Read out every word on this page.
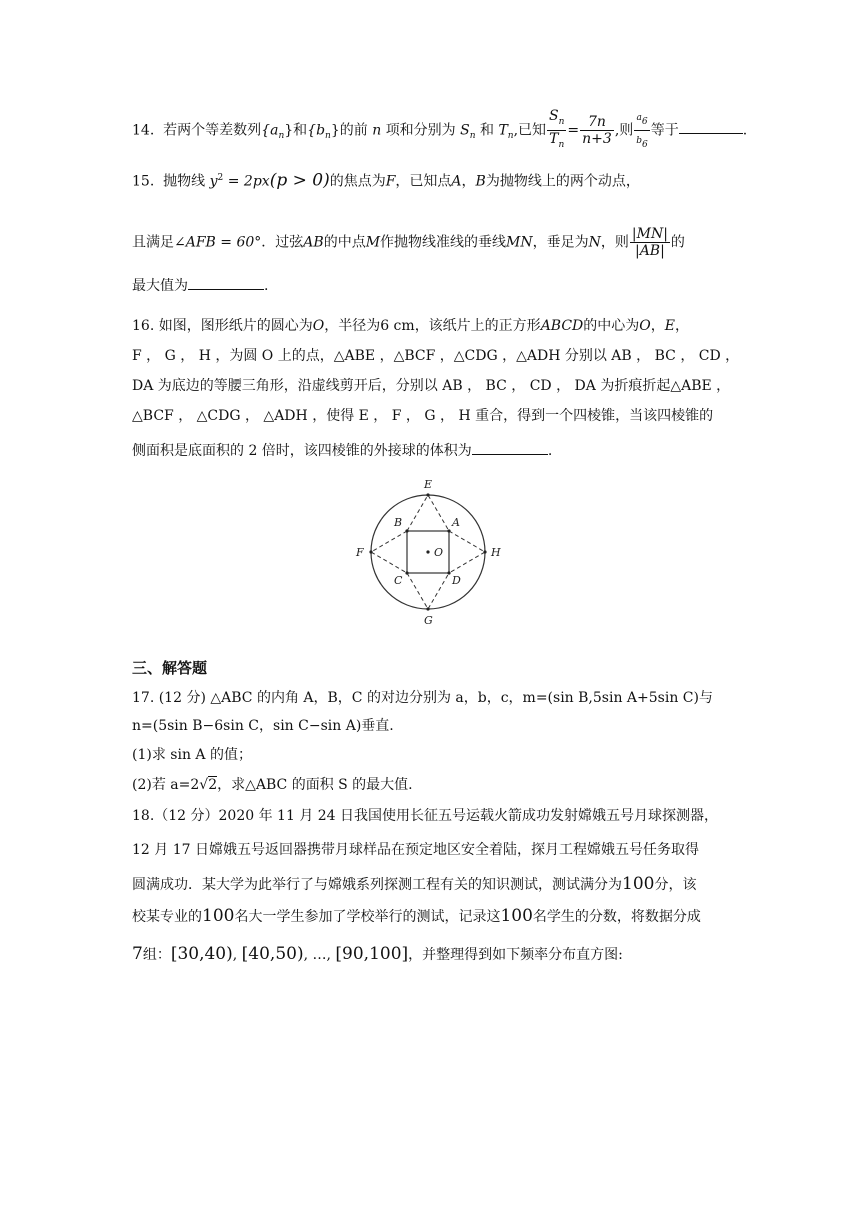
14. 若两个等差数列$\{a_n\}$和$\{b_n\}$的前 n 项和分别为 $S_n$ 和 $T_n$,已知 $\frac{S_n}{T_n} = \frac{7n}{n+3}$ ,则 $\frac{a_6}{b_6}$ 等于	.
15. 抛物线 $y^2 = 2px(p > 0)$的焦点为F，已知点A，B为抛物线上的两个动点，
且满足∠AFB = 60°．过弦AB的中点M作抛物线准线的垂线MN，垂足为N，则 $\frac{|MN|}{|AB|}$ 的
最大值为	.
16. 如图，图形纸片的圆心为O，半径为6 cm，该纸片上的正方形ABCD的中心为O，E，
F ， G ， H ，为圆 O 上的点，△ABE ，△BCF ，△CDG ，△ADH 分别以 AB ， BC ， CD ，
DA 为底边的等腰三角形，沿虚线剪开后，分别以 AB ， BC ， CD ， DA 为折痕折起△ABE ，
△BCF ， △CDG ， △ADH ，使得 E ， F ， G ， H 重合，得到一个四棱锥，当该四棱锥的
侧面积是底面积的 2 倍时，该四棱锥的外接球的体积为	.
E
F
G
H
A
B
C	D
O
三、解答题
17. (12 分) △ABC 的内角 A，B，C 的对边分别为 a，b，c，m=(sin B,5sin A+5sin C)与
n=(5sin B−6sin C，sin C−sin A)垂直.
(1)求 sin A 的值；
(2)若 a=2√2，求△ABC 的面积 S 的最大值.
18.（12 分）2020 年 11 月 24 日我国使用长征五号运载火箭成功发射嫦娥五号月球探测器，
12 月 17 日嫦娥五号返回器携带月球样品在预定地区安全着陆，探月工程嫦娥五号任务取得
圆满成功．某大学为此举行了与嫦娥系列探测工程有关的知识测试，测试满分为100分，该
校某专业的100名大一学生参加了学校举行的测试，记录这100名学生的分数，将数据分成
7组：[30,40), [40,50), …, [90,100]，并整理得到如下频率分布直方图:
